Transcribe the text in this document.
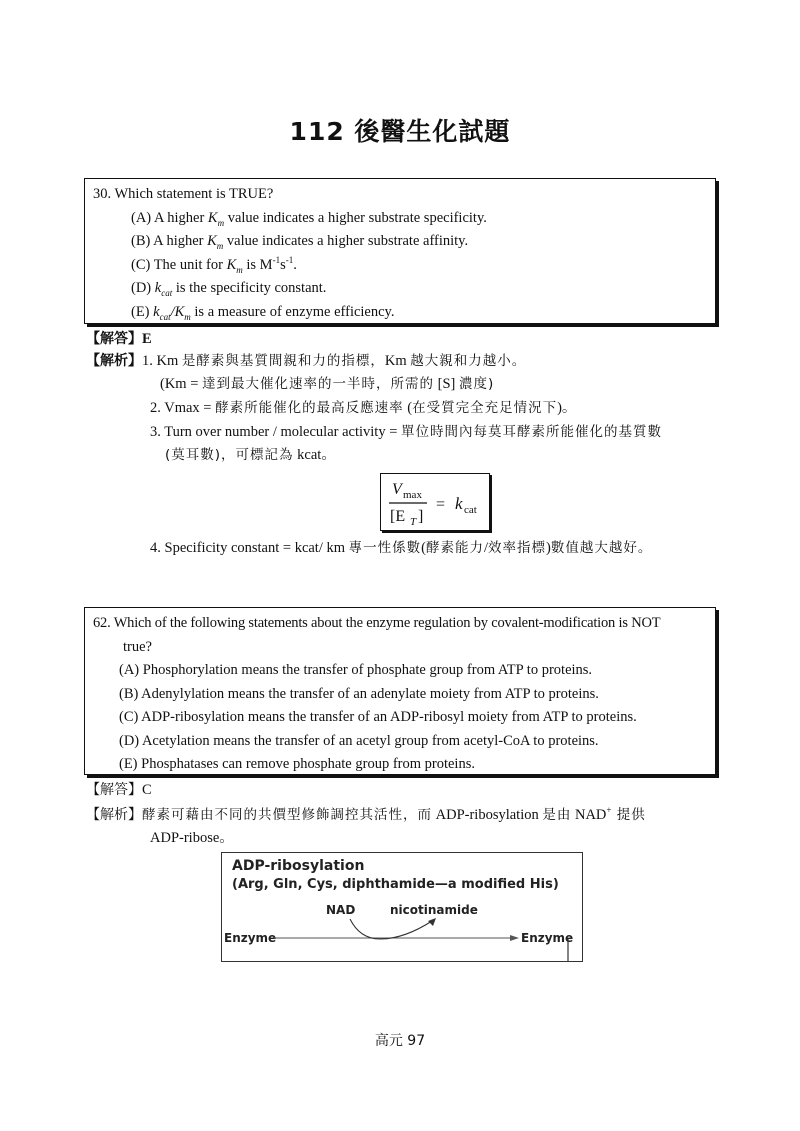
112 後醫生化試題
30. Which statement is TRUE?
(A) A higher $K_m$ value indicates a higher substrate specificity.
(B) A higher $K_m$ value indicates a higher substrate affinity.
(C) The unit for $K_m$ is $M^{-1}s^{-1}$.
(D) $k_{cat}$ is the specificity constant.
(E) $k_{cat}/K_m$ is a measure of enzyme efficiency.
【解答】E
【解析】1. Km 是酵素與基質間親和力的指標，Km 越大親和力越小。
(Km = 達到最大催化速率的一半時，所需的 [S] 濃度)
2. Vmax = 酵素所能催化的最高反應速率 (在受質完全充足情況下)。
3. Turn over number / molecular activity = 單位時間內每莫耳酵素所能催化的基質數
(莫耳數)，可標記為 kcat。
V max
[E T ]
= k cat
4. Specificity constant = kcat/ km 專一性係數(酵素能力/效率指標)數值越大越好。
62. Which of the following statements about the enzyme regulation by covalent-modification is NOT
true?
(A) Phosphorylation means the transfer of phosphate group from ATP to proteins.
(B) Adenylylation means the transfer of an adenylate moiety from ATP to proteins.
(C) ADP-ribosylation means the transfer of an ADP-ribosyl moiety from ATP to proteins.
(D) Acetylation means the transfer of an acetyl group from acetyl-CoA to proteins.
(E) Phosphatases can remove phosphate group from proteins.
【解答】C
【解析】酵素可藉由不同的共價型修飾調控其活性，而 ADP-ribosylation 是由 NAD+ 提供
ADP-ribose。
ADP-ribosylation
(Arg, Gln, Cys, diphthamide—a modified His)
NAD	nicotinamide
Enzyme	Enzyme
高元 97
